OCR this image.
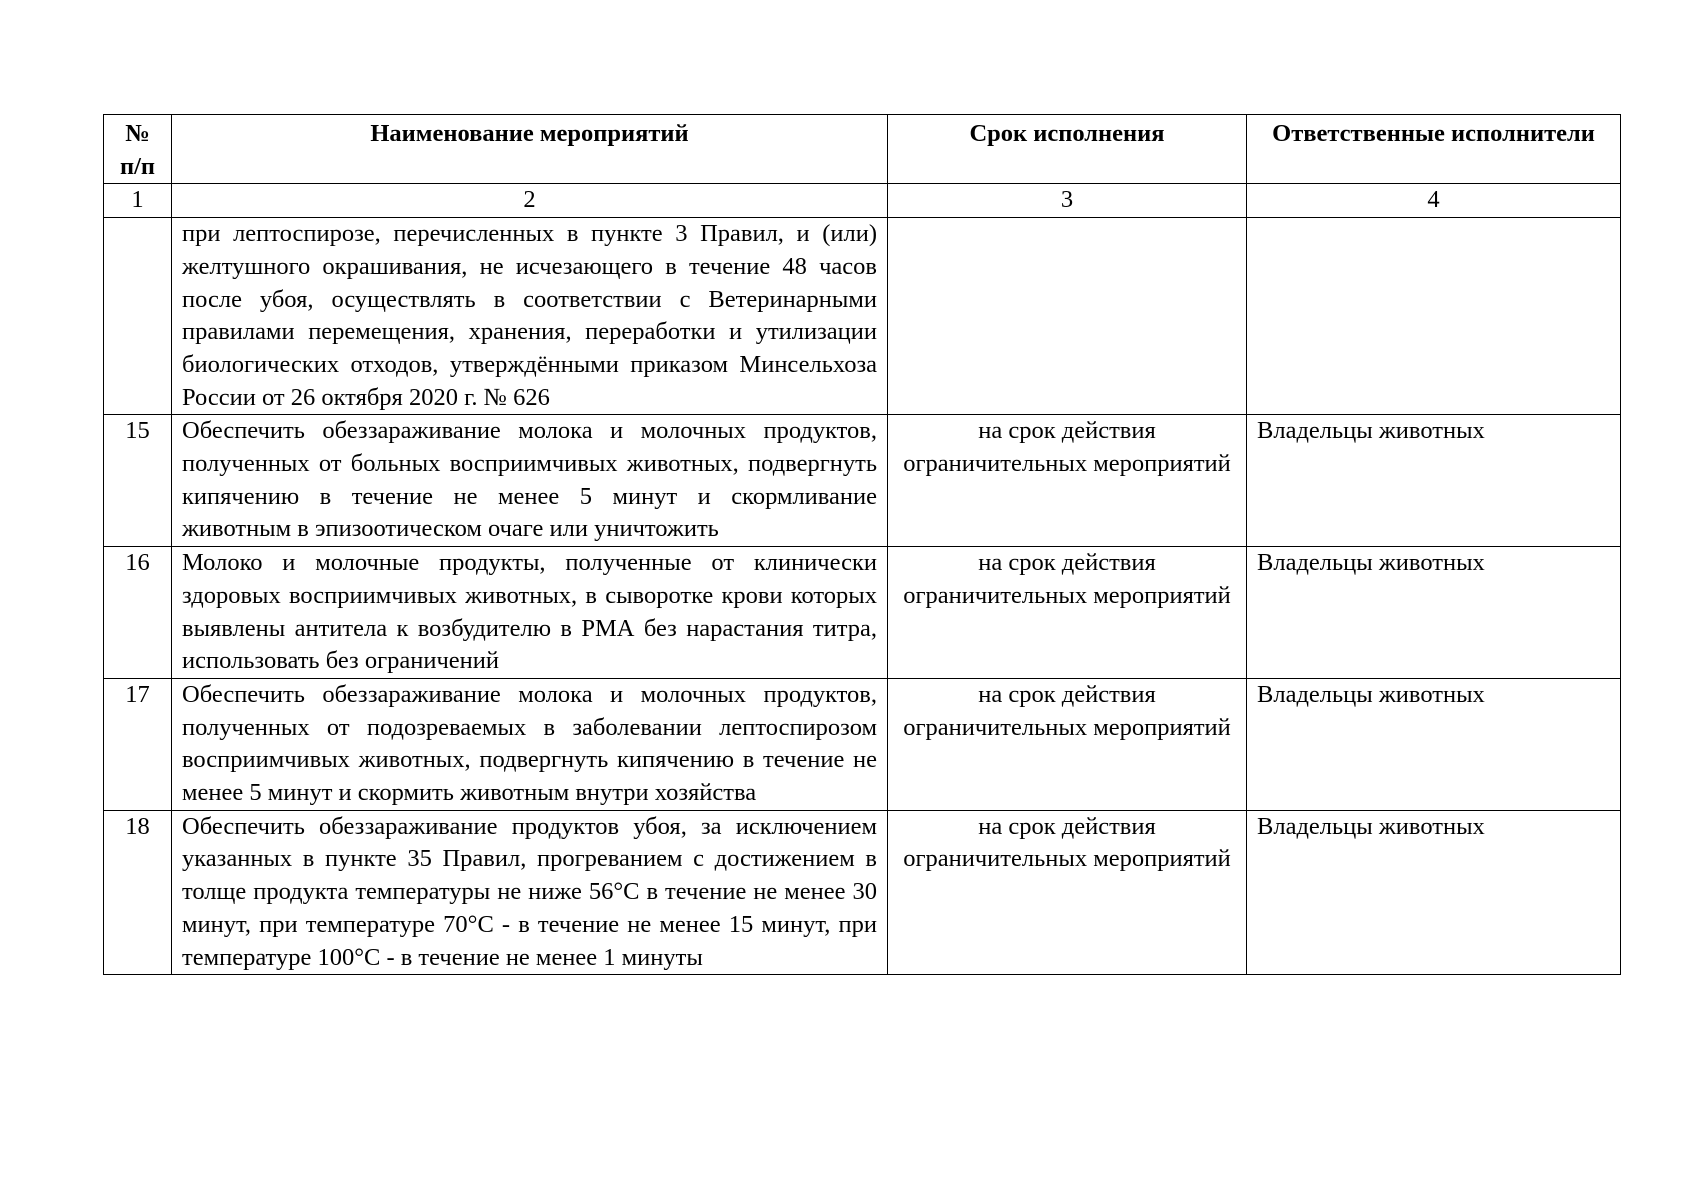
№ п/п	Наименование мероприятий	Срок исполнения	Ответственные исполнители
1	2	3	4
	при лептоспирозе, перечисленных в пункте 3 Правил, и (или) желтушного окрашивания, не исчезающего в течение 48 часов после убоя, осуществлять в соответствии с Ветеринарными правилами перемещения, хранения, переработки и утилизации биологических отходов, утверждёнными приказом Минсельхоза России от 26 октября 2020 г. № 626		
15	Обеспечить обеззараживание молока и молочных продуктов, полученных от больных восприимчивых животных, подвергнуть кипячению в течение не менее 5 минут и скормливание животным в эпизоотическом очаге или уничтожить	на срок действия ограничительных мероприятий	Владельцы животных
16	Молоко и молочные продукты, полученные от клинически здоровых восприимчивых животных, в сыворотке крови которых выявлены антитела к возбудителю в РМА без нарастания титра, использовать без ограничений	на срок действия ограничительных мероприятий	Владельцы животных
17	Обеспечить обеззараживание молока и молочных продуктов, полученных от подозреваемых в заболевании лептоспирозом восприимчивых животных, подвергнуть кипячению в течение не менее 5 минут и скормить животным внутри хозяйства	на срок действия ограничительных мероприятий	Владельцы животных
18	Обеспечить обеззараживание продуктов убоя, за исключением указанных в пункте 35 Правил, прогреванием с достижением в толще продукта температуры не ниже 56°С в течение не менее 30 минут, при температуре 70°С - в течение не менее 15 минут, при температуре 100°С - в течение не менее 1 минуты	на срок действия ограничительных мероприятий	Владельцы животных
